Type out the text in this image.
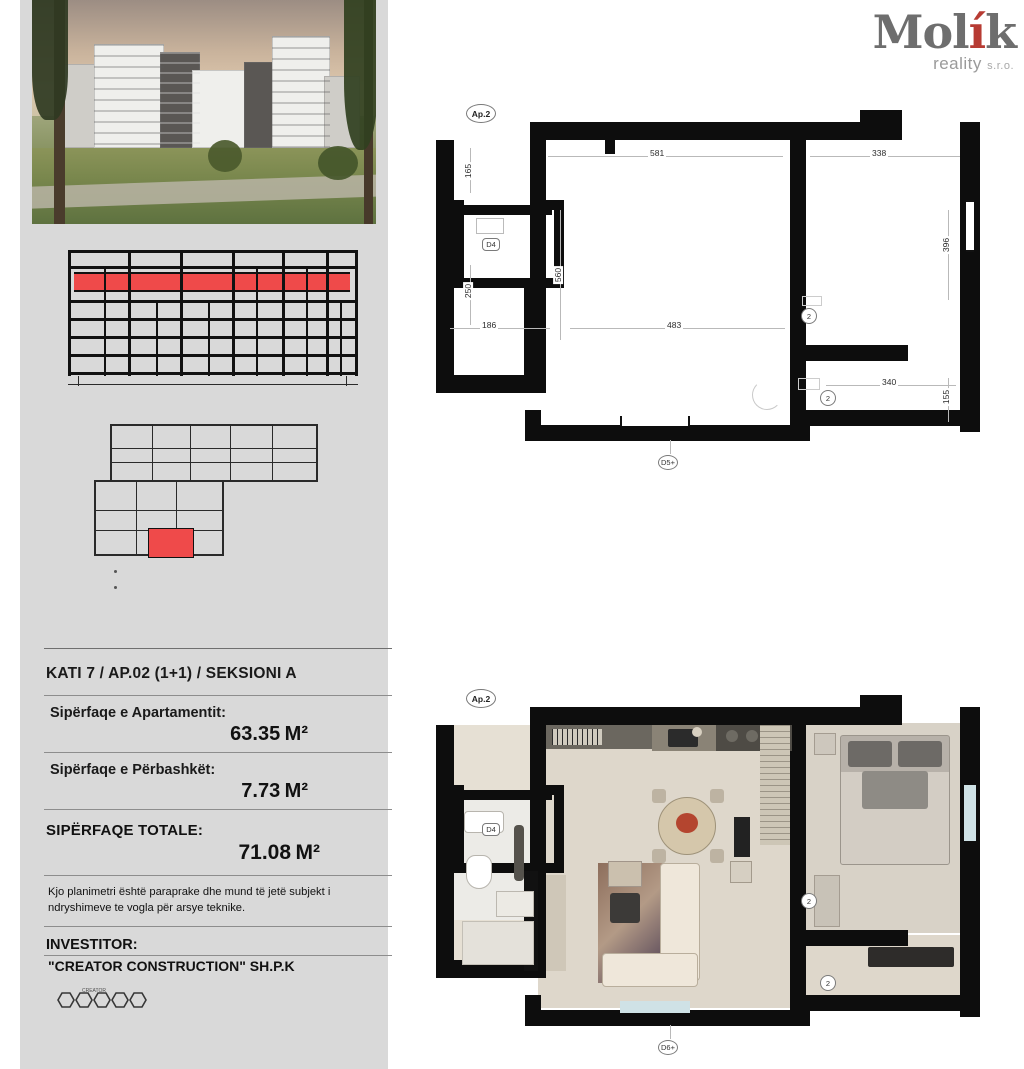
Molík
reality s.r.o.
KATI 7 / AP.02 (1+1) / SEKSIONI A
Sipërfaqe e Apartamentit:
63.35 M²
Sipërfaqe e Përbashkët:
7.73 M²
SIPËRFAQE TOTALE:
71.08 M²
Kjo planimetri është paraprake dhe mund të jetë subjekt i ndryshimeve te vogla për arsye teknike.
INVESTITOR:
"CREATOR CONSTRUCTION" SH.P.K
CREATOR
Ap.2
581	338
165
250
186
560
483
396
340
155
D4
2
2
D5+
Ap.2
D4
2
2
D6+
